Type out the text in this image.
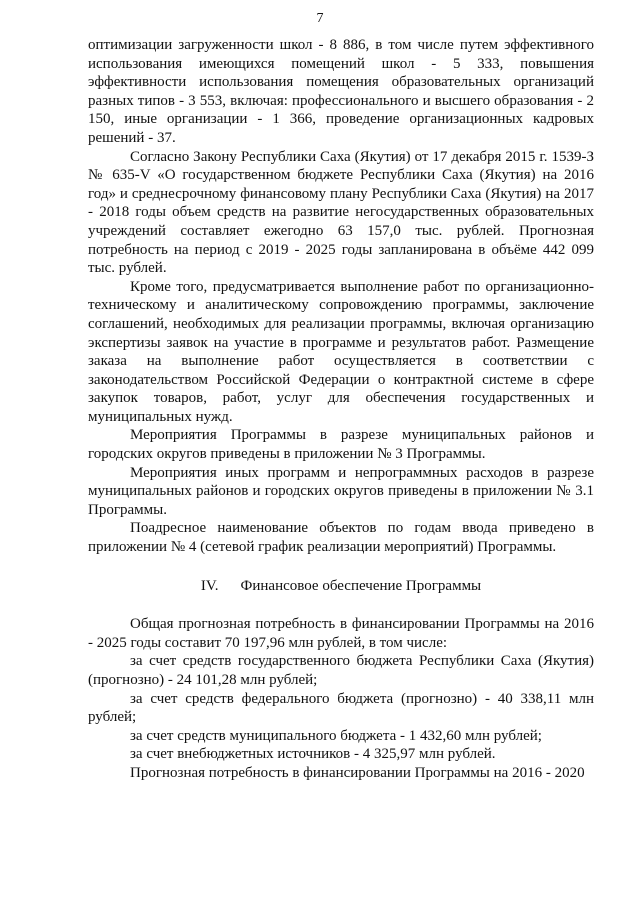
7

оптимизации загруженности школ - 8 886, в том числе путем эффективного использования имеющихся помещений школ - 5 333, повышения эффективности использования помещения образовательных организаций разных типов - 3 553, включая: профессионального и высшего образования - 2 150, иные организации - 1 366, проведение организационных кадровых решений - 37.

Согласно Закону Республики Саха (Якутия) от 17 декабря 2015 г. 1539-З № 635-V «О государственном бюджете Республики Саха (Якутия) на 2016 год» и среднесрочному финансовому плану Республики Саха (Якутия) на 2017 - 2018 годы объем средств на развитие негосударственных образовательных учреждений составляет ежегодно 63 157,0 тыс. рублей. Прогнозная потребность на период с 2019 - 2025 годы запланирована в объёме 442 099 тыс. рублей.

Кроме того, предусматривается выполнение работ по организационно-техническому и аналитическому сопровождению программы, заключение соглашений, необходимых для реализации программы, включая организацию экспертизы заявок на участие в программе и результатов работ. Размещение заказа на выполнение работ осуществляется в соответствии с законодательством Российской Федерации о контрактной системе в сфере закупок товаров, работ, услуг для обеспечения государственных и муниципальных нужд.

Мероприятия Программы в разрезе муниципальных районов и городских округов приведены в приложении № 3 Программы.

Мероприятия иных программ и непрограммных расходов в разрезе муниципальных районов и городских округов приведены в приложении № 3.1 Программы.

Поадресное наименование объектов по годам ввода приведено в приложении № 4 (сетевой график реализации мероприятий) Программы.

IV. Финансовое обеспечение Программы

Общая прогнозная потребность в финансировании Программы на 2016 - 2025 годы составит 70 197,96 млн рублей, в том числе:

за счет средств государственного бюджета Республики Саха (Якутия) (прогнозно) - 24 101,28 млн рублей;

за счет средств федерального бюджета (прогнозно) - 40 338,11 млн рублей;

за счет средств муниципального бюджета - 1 432,60 млн рублей;

за счет внебюджетных источников - 4 325,97 млн рублей.

Прогнозная потребность в финансировании Программы на 2016 - 2020
